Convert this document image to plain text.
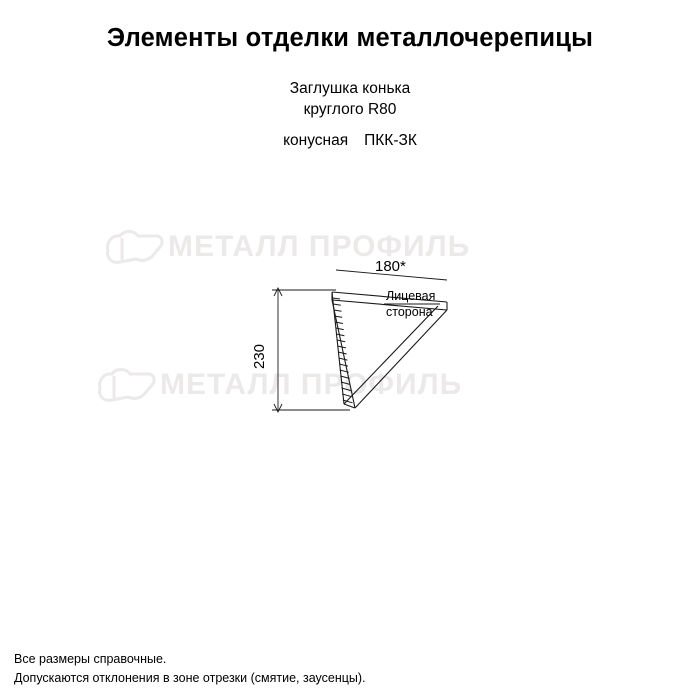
МЕТАЛЛ ПРОФИЛЬ
МЕТАЛЛ ПРОФИЛЬ
Элементы отделки металлочерепицы
Заглушка конька
круглого R80
конусная ПКК-ЗК
180*
Лицевая
сторона
230
Все размеры справочные.
Допускаются отклонения в зоне отрезки (смятие, заусенцы).
